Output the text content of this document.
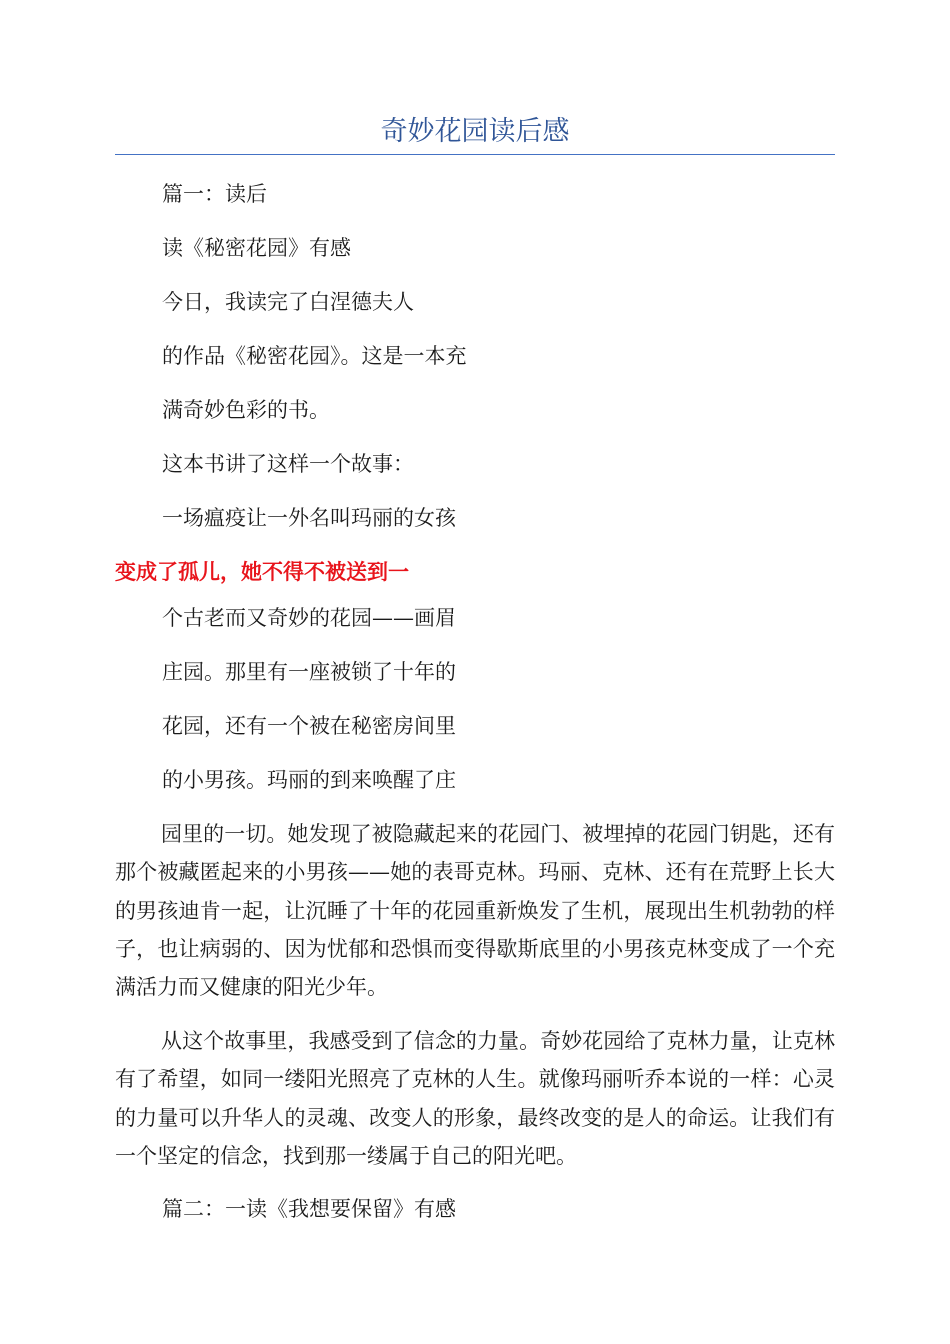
奇妙花园读后感

篇一：读后

读《秘密花园》有感

今日，我读完了白涅德夫人

的作品《秘密花园》。这是一本充

满奇妙色彩的书。

这本书讲了这样一个故事：

一场瘟疫让一外名叫玛丽的女孩

变成了孤儿，她不得不被送到一

个古老而又奇妙的花园——画眉

庄园。那里有一座被锁了十年的

花园，还有一个被在秘密房间里

的小男孩。玛丽的到来唤醒了庄

园里的一切。她发现了被隐藏起来的花园门、被埋掉的花园门钥匙，还有那个被藏匿起来的小男孩——她的表哥克林。玛丽、克林、还有在荒野上长大的男孩迪肯一起，让沉睡了十年的花园重新焕发了生机，展现出生机勃勃的样子，也让病弱的、因为忧郁和恐惧而变得歇斯底里的小男孩克林变成了一个充满活力而又健康的阳光少年。

从这个故事里，我感受到了信念的力量。奇妙花园给了克林力量，让克林有了希望，如同一缕阳光照亮了克林的人生。就像玛丽听乔本说的一样：心灵的力量可以升华人的灵魂、改变人的形象，最终改变的是人的命运。让我们有一个坚定的信念，找到那一缕属于自己的阳光吧。

篇二：一读《我想要保留》有感
